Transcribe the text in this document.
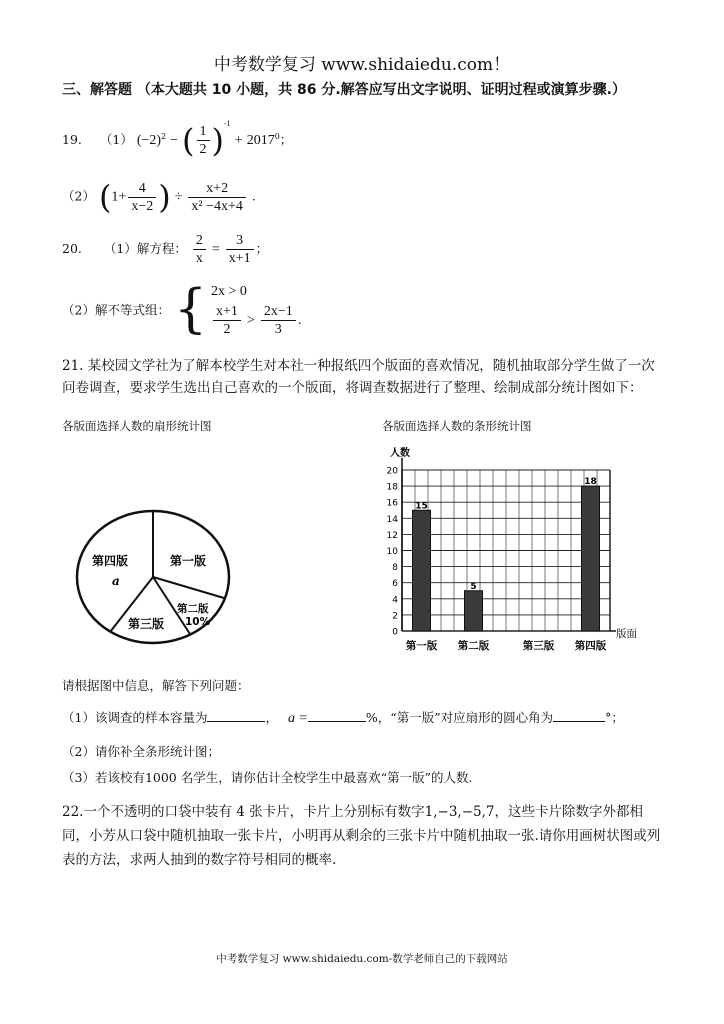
中考数学复习 www.shidaiedu.com！
三、解答题 （本大题共 10 小题，共 86 分.解答应写出文字说明、证明过程或演算步骤.）
19. （1） $(-2)^2$ − ( $\frac{1}{2} )^{-1} + 2017^0$；
（2） ($1+ \frac{4}{x-2}$ ) ÷ $\frac{x+2}{\text{x² −4x+4}}$ .
20. （1）解方程： $\frac{2}{x} = \frac{3}{x+1}$ ；
（2）解不等式组： { 2x > 0
$\frac{x+1}{2} > \frac{2x-1}{3}$ .
21. 某校园文学社为了解本校学生对本社一种报纸四个版面的喜欢情况，随机抽取部分学生做了一次问卷调查，要求学生选出自己喜欢的一个版面，将调查数据进行了整理、绘制成部分统计图如下：
各版面选择人数的扇形统计图	各版面选择人数的条形统计图
第四版
a
第一版
第二版
10%
第三版
人数
版面
0
2
4
6
8
10
12
14
16
18
20
15
5
18
第一版 第二版	第三版 第四版
请根据图中信息，解答下列问题：
（1）该调查的样本容量为	， a =	%，“第一版”对应扇形的圆心角为	°；
（2）请你补全条形统计图；
（3）若该校有1000 名学生，请你估计全校学生中最喜欢“第一版”的人数.
22.一个不透明的口袋中装有 4 张卡片，卡片上分别标有数字1,−3,−5,7，这些卡片除数字外都相同，小芳从口袋中随机抽取一张卡片，小明再从剩余的三张卡片中随机抽取一张.请你用画树状图或列表的方法，求两人抽到的数字符号相同的概率.
中考数学复习 www.shidaiedu.com-数学老师自己的下载网站
